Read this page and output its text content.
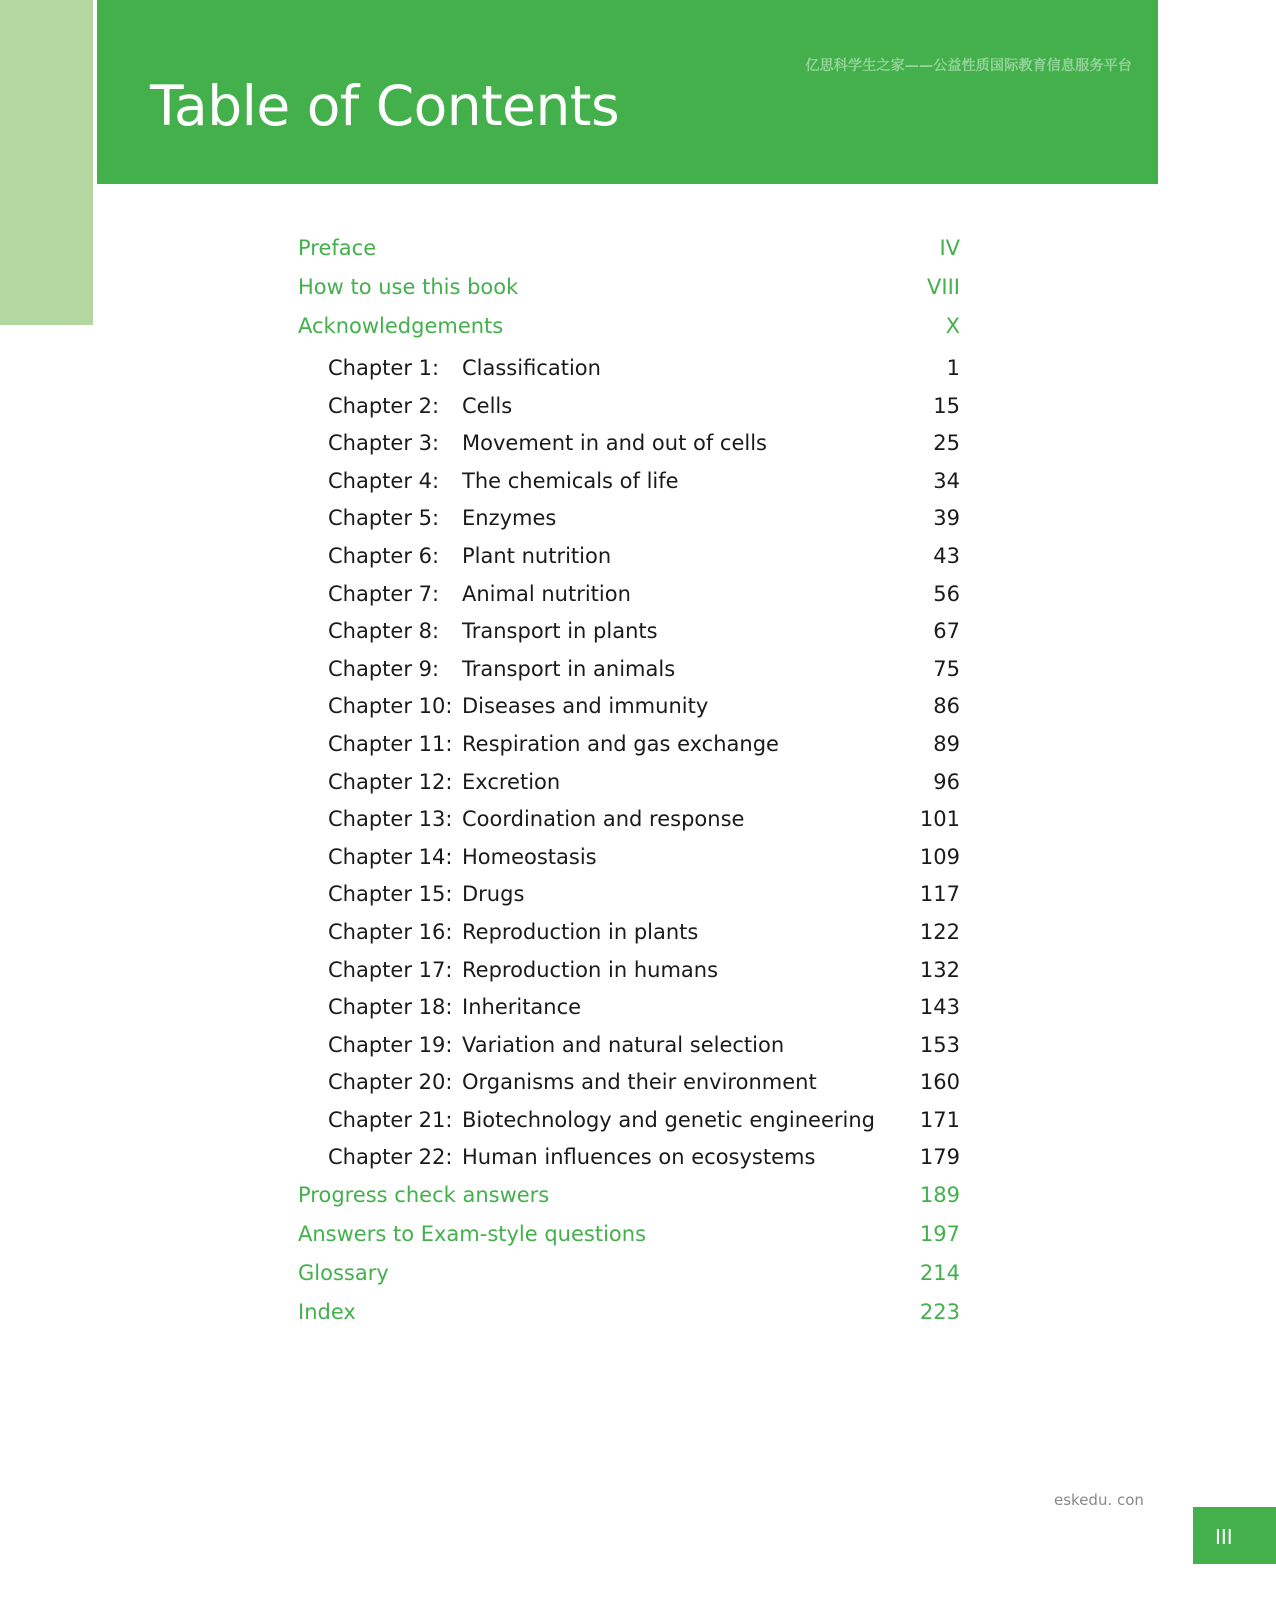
亿思科学生之家——公益性质国际教育信息服务平台
Table of Contents
Preface	IV
How to use this book	VIII
Acknowledgements	X
Chapter 1:	Classification	1
Chapter 2:	Cells	15
Chapter 3:	Movement in and out of cells	25
Chapter 4:	The chemicals of life	34
Chapter 5:	Enzymes	39
Chapter 6:	Plant nutrition	43
Chapter 7:	Animal nutrition	56
Chapter 8:	Transport in plants	67
Chapter 9:	Transport in animals	75
Chapter 10: Diseases and immunity	86
Chapter 11: Respiration and gas exchange	89
Chapter 12: Excretion	96
Chapter 13: Coordination and response	101
Chapter 14: Homeostasis	109
Chapter 15: Drugs	117
Chapter 16: Reproduction in plants	122
Chapter 17: Reproduction in humans	132
Chapter 18: Inheritance	143
Chapter 19: Variation and natural selection	153
Chapter 20: Organisms and their environment	160
Chapter 21: Biotechnology and genetic engineering	171
Chapter 22: Human influences on ecosystems	179
Progress check answers	189
Answers to Exam-style questions	197
Glossary	214
Index	223
eskedu. con
III
